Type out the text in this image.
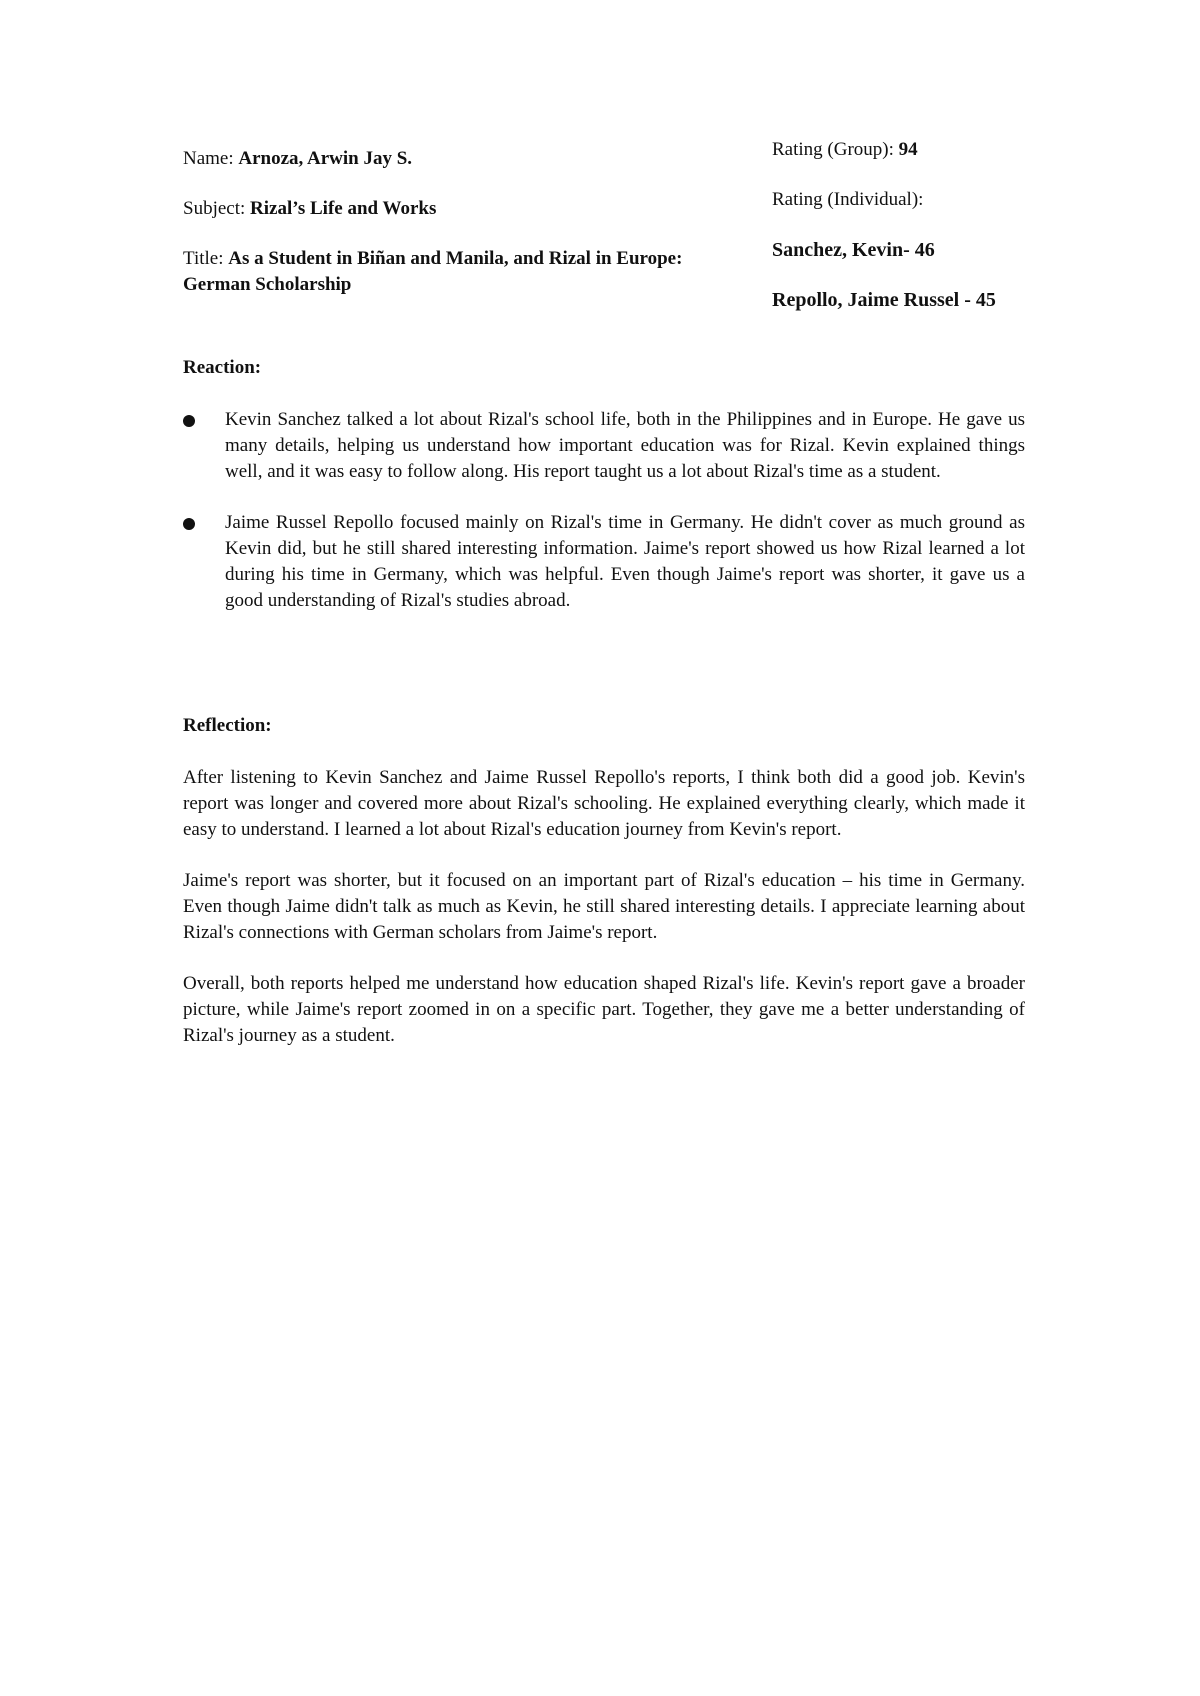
Name: Arnoza, Arwin Jay S.

Subject: Rizal’s Life and Works

Title: As a Student in Biñan and Manila, and Rizal in Europe: German Scholarship

Rating (Group): 94

Rating (Individual):

Sanchez, Kevin- 46

Repollo, Jaime Russel - 45

Reaction:

Kevin Sanchez talked a lot about Rizal's school life, both in the Philippines and in Europe. He gave us many details, helping us understand how important education was for Rizal. Kevin explained things well, and it was easy to follow along. His report taught us a lot about Rizal's time as a student.
Jaime Russel Repollo focused mainly on Rizal's time in Germany. He didn't cover as much ground as Kevin did, but he still shared interesting information. Jaime's report showed us how Rizal learned a lot during his time in Germany, which was helpful. Even though Jaime's report was shorter, it gave us a good understanding of Rizal's studies abroad.

Reflection:

After listening to Kevin Sanchez and Jaime Russel Repollo's reports, I think both did a good job. Kevin's report was longer and covered more about Rizal's schooling. He explained everything clearly, which made it easy to understand. I learned a lot about Rizal's education journey from Kevin's report.

Jaime's report was shorter, but it focused on an important part of Rizal's education – his time in Germany. Even though Jaime didn't talk as much as Kevin, he still shared interesting details. I appreciate learning about Rizal's connections with German scholars from Jaime's report.

Overall, both reports helped me understand how education shaped Rizal's life. Kevin's report gave a broader picture, while Jaime's report zoomed in on a specific part. Together, they gave me a better understanding of Rizal's journey as a student.
